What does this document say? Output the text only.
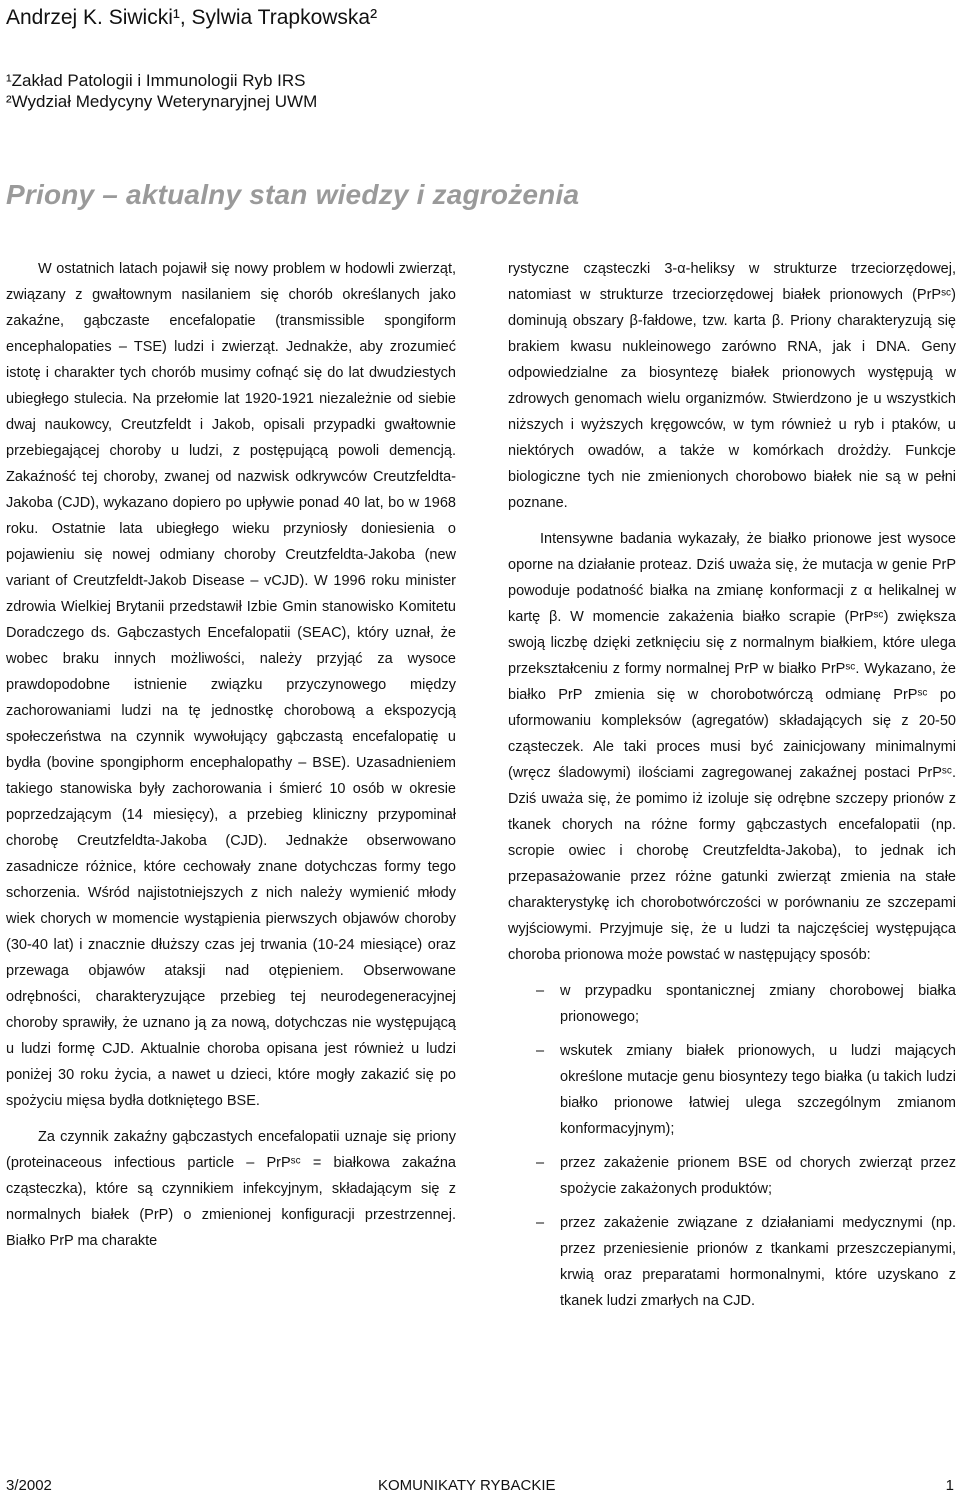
Andrzej K. Siwicki¹, Sylwia Trapkowska²
¹Zakład Patologii i Immunologii Ryb IRS
²Wydział Medycyny Weterynaryjnej UWM
Priony – aktualny stan wiedzy i zagrożenia

W ostatnich latach pojawił się nowy problem w hodowli zwierząt, związany z gwałtownym nasilaniem się chorób określanych jako zakaźne, gąbczaste encefalopatie (transmissible spongiform encephalopaties – TSE) ludzi i zwierząt. Jednakże, aby zrozumieć istotę i charakter tych chorób musimy cofnąć się do lat dwudziestych ubiegłego stulecia. Na przełomie lat 1920-1921 niezależnie od siebie dwaj naukowcy, Creutzfeldt i Jakob, opisali przypadki gwałtownie przebiegającej choroby u ludzi, z postępującą powoli demencją. Zakaźność tej choroby, zwanej od nazwisk odkrywców Creutzfeldta-Jakoba (CJD), wykazano dopiero po upływie ponad 40 lat, bo w 1968 roku. Ostatnie lata ubiegłego wieku przyniosły doniesienia o pojawieniu się nowej odmiany choroby Creutzfeldta-Jakoba (new variant of Creutzfeldt-Jakob Disease – vCJD). W 1996 roku minister zdrowia Wielkiej Brytanii przedstawił Izbie Gmin stanowisko Komitetu Doradczego ds. Gąbczastych Encefalopatii (SEAC), który uznał, że wobec braku innych możliwości, należy przyjąć za wysoce prawdopodobne istnienie związku przyczynowego między zachorowaniami ludzi na tę jednostkę chorobową a ekspozycją społeczeństwa na czynnik wywołujący gąbczastą encefalopatię u bydła (bovine spongiphorm encephalopathy – BSE). Uzasadnieniem takiego stanowiska były zachorowania i śmierć 10 osób w okresie poprzedzającym (14 miesięcy), a przebieg kliniczny przypominał chorobę Creutzfeldta-Jakoba (CJD). Jednakże obserwowano zasadnicze różnice, które cechowały znane dotychczas formy tego schorzenia. Wśród najistotniejszych z nich należy wymienić młody wiek chorych w momencie wystąpienia pierwszych objawów choroby (30-40 lat) i znacznie dłuższy czas jej trwania (10-24 miesiące) oraz przewaga objawów ataksji nad otępieniem. Obserwowane odrębności, charakteryzujące przebieg tej neurodegeneracyjnej choroby sprawiły, że uznano ją za nową, dotychczas nie występującą u ludzi formę CJD. Aktualnie choroba opisana jest również u ludzi poniżej 30 roku życia, a nawet u dzieci, które mogły zakazić się po spożyciu mięsa bydła dotkniętego BSE.

Za czynnik zakaźny gąbczastych encefalopatii uznaje się priony (proteinaceous infectious particle – PrPˢᶜ = białkowa zakaźna cząsteczka), które są czynnikiem infekcyjnym, składającym się z normalnych białek (PrP) o zmienionej konfiguracji przestrzennej. Białko PrP ma charakte

rystyczne cząsteczki 3-α-heliksy w strukturze trzeciorzędowej, natomiast w strukturze trzeciorzędowej białek prionowych (PrPˢᶜ) dominują obszary β-fałdowe, tzw. karta β. Priony charakteryzują się brakiem kwasu nukleinowego zarówno RNA, jak i DNA. Geny odpowiedzialne za biosyntezę białek prionowych występują w zdrowych genomach wielu organizmów. Stwierdzono je u wszystkich niższych i wyższych kręgowców, w tym również u ryb i ptaków, u niektórych owadów, a także w komórkach drożdży. Funkcje biologiczne tych nie zmienionych chorobowo białek nie są w pełni poznane.

Intensywne badania wykazały, że białko prionowe jest wysoce oporne na działanie proteaz. Dziś uważa się, że mutacja w genie PrP powoduje podatność białka na zmianę konformacji z α helikalnej w kartę β. W momencie zakażenia białko scrapie (PrPˢᶜ) zwiększa swoją liczbę dzięki zetknięciu się z normalnym białkiem, które ulega przekształceniu z formy normalnej PrP w białko PrPˢᶜ. Wykazano, że białko PrP zmienia się w chorobotwórczą odmianę PrPˢᶜ po uformowaniu kompleksów (agregatów) składających się z 20-50 cząsteczek. Ale taki proces musi być zainicjowany minimalnymi (wręcz śladowymi) ilościami zagregowanej zakaźnej postaci PrPˢᶜ. Dziś uważa się, że pomimo iż izoluje się odrębne szczepy prionów z tkanek chorych na różne formy gąbczastych encefalopatii (np. scropie owiec i chorobę Creutzfeldta-Jakoba), to jednak ich przepasażowanie przez różne gatunki zwierząt zmienia na stałe charakterystykę ich chorobotwórczości w porównaniu ze szczepami wyjściowymi. Przyjmuje się, że u ludzi ta najczęściej występująca choroba prionowa może powstać w następujący sposób:

– w przypadku spontanicznej zmiany chorobowej białka prionowego;
– wskutek zmiany białek prionowych, u ludzi mających określone mutacje genu biosyntezy tego białka (u takich ludzi białko prionowe łatwiej ulega szczególnym zmianom konformacyjnym);
– przez zakażenie prionem BSE od chorych zwierząt przez spożycie zakażonych produktów;
– przez zakażenie związane z działaniami medycznymi (np. przez przeniesienie prionów z tkankami przeszczepianymi, krwią oraz preparatami hormonalnymi, które uzyskano z tkanek ludzi zmarłych na CJD.
3/2002	KOMUNIKATY RYBACKIE	1
